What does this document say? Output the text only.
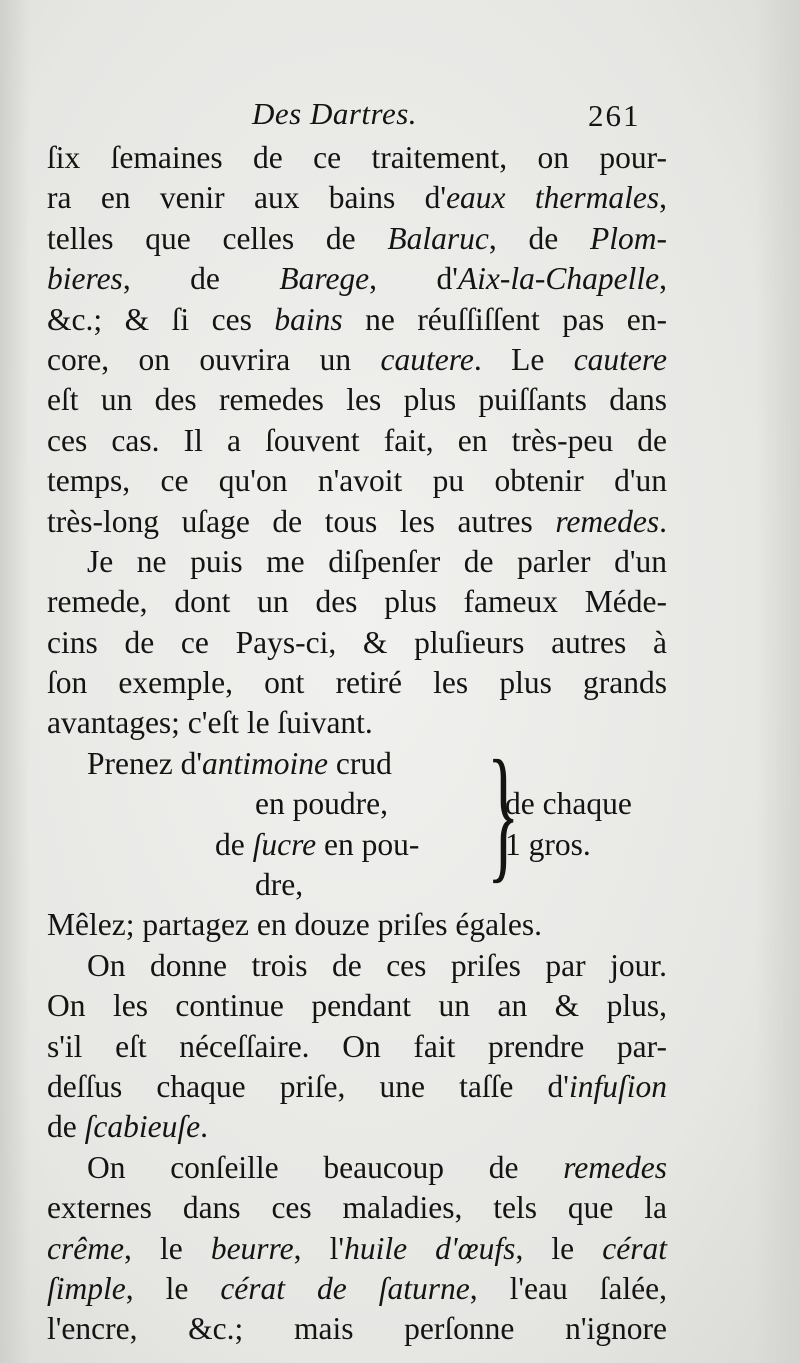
Des Dartres.	261
ſix ſemaines de ce traitement, on pour-
ra en venir aux bains d'eaux thermales,
telles que celles de Balaruc, de Plom-
bieres, de Barege, d'Aix-la-Chapelle,
&c.; & ſi ces bains ne réuſſiſſent pas en-
core, on ouvrira un cautere. Le cautere
eſt un des remedes les plus puiſſants dans
ces cas. Il a ſouvent fait, en très-peu de
temps, ce qu'on n'avoit pu obtenir d'un
très-long uſage de tous les autres remedes.
Je ne puis me diſpenſer de parler d'un
remede, dont un des plus fameux Méde-
cins de ce Pays-ci, & pluſieurs autres à
ſon exemple, ont retiré les plus grands
avantages; c'eſt le ſuivant.
Prenez d'antimoine crud
en poudre,
de ſucre en pou-
dre, }
de chaque
1 gros.
Mêlez; partagez en douze priſes égales.
On donne trois de ces priſes par jour.
On les continue pendant un an & plus,
s'il eſt néceſſaire. On fait prendre par-
deſſus chaque priſe, une taſſe d'infuſion
de ſcabieuſe.
On conſeille beaucoup de remedes
externes dans ces maladies, tels que la
crême, le beurre, l'huile d'œufs, le cérat
ſimple, le cérat de ſaturne, l'eau ſalée,
l'encre, &c.; mais perſonne n'ignore
